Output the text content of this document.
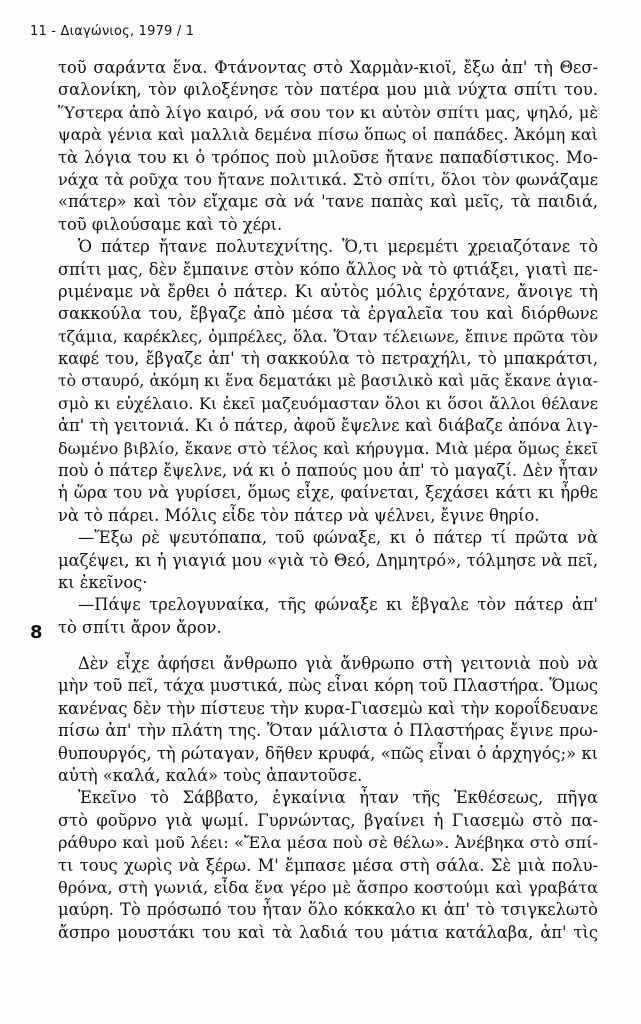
11 - Διαγώνιος, 1979 / 1
τοῦ σαράντα ἕνα. Φτάνοντας στὸ Χαρμὰν-κιοϊ, ἔξω ἀπ' τὴ Θεσ-
σαλονίκη, τὸν φιλοξένησε τὸν πατέρα μου μιὰ νύχτα σπίτι του.
Ὕστερα ἀπὸ λίγο καιρό, νά σου τον κι αὐτὸν σπίτι μας, ψηλό, μὲ
ψαρὰ γένια καὶ μαλλιὰ δεμένα πίσω ὅπως οἱ παπάδες. Ἀκόμη καὶ
τὰ λόγια του κι ὁ τρόπος ποὺ μιλοῦσε ἤτανε παπαδίστικος. Μο-
νάχα τὰ ροῦχα του ἤτανε πολιτικά. Στὸ σπίτι, ὅλοι τὸν φωνάζαμε
«πάτερ» καὶ τὸν εἴχαμε σὰ νά 'τανε παπὰς καὶ μεῖς, τὰ παιδιά,
τοῦ φιλούσαμε καὶ τὸ χέρι.
Ὁ πάτερ ἤτανε πολυτεχνίτης. Ὅ,τι μερεμέτι χρειαζότανε τὸ
σπίτι μας, δὲν ἔμπαινε στὸν κόπο ἄλλος νὰ τὸ φτιάξει, γιατὶ πε-
ριμέναμε νὰ ἔρθει ὁ πάτερ. Κι αὐτὸς μόλις ἐρχότανε, ἄνοιγε τὴ
σακκούλα του, ἔβγαζε ἀπὸ μέσα τὰ ἐργαλεῖα του καὶ διόρθωνε
τζάμια, καρέκλες, ὀμπρέλες, ὅλα. Ὅταν τέλειωνε, ἔπινε πρῶτα τὸν
καφέ του, ἔβγαζε ἀπ' τὴ σακκούλα τὸ πετραχήλι, τὸ μπακράτσι,
τὸ σταυρό, ἀκόμη κι ἕνα δεματάκι μὲ βασιλικὸ καὶ μᾶς ἔκανε ἁγια-
σμὸ κι εὐχέλαιο. Κι ἐκεῖ μαζευόμασταν ὅλοι κι ὅσοι ἄλλοι θέλανε
ἀπ' τὴ γειτονιά. Κι ὁ πάτερ, ἀφοῦ ἔψελνε καὶ διάβαζε ἀπόνα λιγ-
δωμένο βιβλίο, ἔκανε στὸ τέλος καὶ κήρυγμα. Μιὰ μέρα ὅμως ἐκεῖ
ποὺ ὁ πάτερ ἔψελνε, νά κι ὁ παπούς μου ἀπ' τὸ μαγαζί. Δὲν ἦταν
ἡ ὥρα του νὰ γυρίσει, ὅμως εἶχε, φαίνεται, ξεχάσει κάτι κι ἦρθε
νὰ τὸ πάρει. Μόλις εἶδε τὸν πάτερ νὰ ψέλνει, ἔγινε θηρίο.
—Ἔξω ρὲ ψευτόπαπα, τοῦ φώναξε, κι ὁ πάτερ τί πρῶτα νὰ
μαζέψει, κι ἡ γιαγιά μου «γιὰ τὸ Θεό, Δημητρό», τόλμησε νὰ πεῖ,
κι ἐκεῖνος·
—Πάψε τρελογυναίκα, τῆς φώναξε κι ἔβγαλε τὸν πάτερ ἀπ'
τὸ σπίτι ἄρον ἄρον.
8
Δὲν εἶχε ἀφήσει ἄνθρωπο γιὰ ἄνθρωπο στὴ γειτονιὰ ποὺ νὰ
μὴν τοῦ πεῖ, τάχα μυστικά, πὼς εἶναι κόρη τοῦ Πλαστήρα. Ὅμως
κανένας δὲν τὴν πίστευε τὴν κυρα-Γιασεμὼ καὶ τὴν κοροΐδευανε
πίσω ἀπ' τὴν πλάτη της. Ὅταν μάλιστα ὁ Πλαστήρας ἔγινε πρω-
θυπουργός, τὴ ρώταγαν, δῆθεν κρυφά, «πῶς εἶναι ὁ ἀρχηγός;» κι
αὐτὴ «καλά, καλά» τοὺς ἀπαντοῦσε.
Ἐκεῖνο τὸ Σάββατο, ἐγκαίνια ἦταν τῆς Ἐκθέσεως, πῆγα
στὸ φοῦρνο γιὰ ψωμί. Γυρνώντας, βγαίνει ἡ Γιασεμὼ στὸ πα-
ράθυρο καὶ μοῦ λέει: «Ἔλα μέσα ποὺ σὲ θέλω». Ἀνέβηκα στὸ σπί-
τι τους χωρὶς νὰ ξέρω. Μ' ἔμπασε μέσα στὴ σάλα. Σὲ μιὰ πολυ-
θρόνα, στὴ γωνιά, εἶδα ἕνα γέρο μὲ ἄσπρο κοστούμι καὶ γραβάτα
μαύρη. Τὸ πρόσωπό του ἦταν ὅλο κόκκαλο κι ἀπ' τὸ τσιγκελωτὸ
ἄσπρο μουστάκι του καὶ τὰ λαδιά του μάτια κατάλαβα, ἀπ' τὶς
